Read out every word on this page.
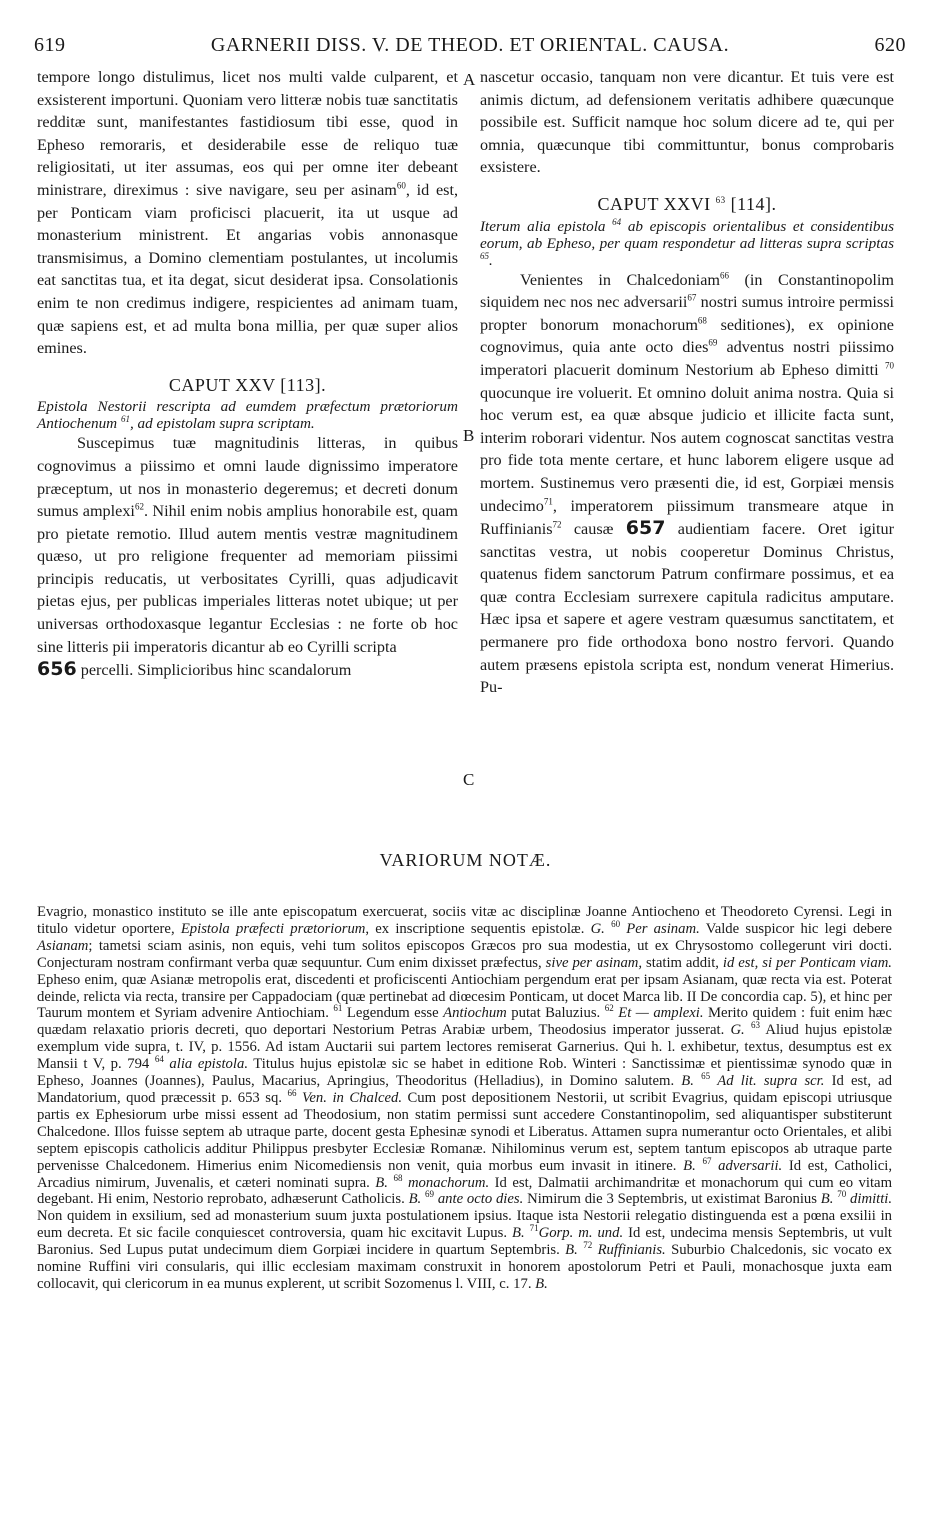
619	GARNERII DISS. V. DE THEOD. ET ORIENTAL. CAUSA.	620
A
B
C

tempore longo distulimus, licet nos multi valde culparent, et exsisterent importuni. Quoniam vero litteræ nobis tuæ sanctitatis redditæ sunt, manifestantes fastidiosum tibi esse, quod in Epheso remoraris, et desiderabile esse de reliquo tuæ religiositati, ut iter assumas, eos qui per omne iter debeant ministrare, direximus : sive navigare, seu per asinam$^{60}$, id est, per Ponticam viam proficisci placuerit, ita ut usque ad monasterium ministrent. Et angarias vobis annonasque transmisimus, a Domino clementiam postulantes, ut incolumis eat sanctitas tua, et ita degat, sicut desiderat ipsa. Consolationis enim te non credimus indigere, respicientes ad animam tuam, quæ sapiens est, et ad multa bona millia, per quæ super alios emines.

CAPUT XXV [113].

Epistola Nestorii rescripta ad eumdem præfectum prætoriorum Antiochenum $^{61}$, ad epistolam supra scriptam.

Suscepimus tuæ magnitudinis litteras, in quibus cognovimus a piissimo et omni laude dignissimo imperatore præceptum, ut nos in monasterio degeremus; et decreti donum sumus amplexi$^{62}$. Nihil enim nobis amplius honorabile est, quam pro pietate remotio. Illud autem mentis vestræ magnitudinem quæso, ut pro religione frequenter ad memoriam piissimi principis reducatis, ut verbositates Cyrilli, quas adjudicavit pietas ejus, per publicas imperiales litteras notet ubique; ut per universas orthodoxasque legantur Ecclesias : ne forte ob hoc sine litteris pii imperatoris dicantur ab eo Cyrilli scripta
656 percelli. Simplicioribus hinc scandalorum

nascetur occasio, tanquam non vere dicantur. Et tuis vere est animis dictum, ad defensionem veritatis adhibere quæcunque possibile est. Sufficit namque hoc solum dicere ad te, qui per omnia, quæcunque tibi committuntur, bonus comprobaris exsistere.

CAPUT XXVI $^{63}$ [114].

Iterum alia epistola $^{64}$ ab episcopis orientalibus et considentibus eorum, ab Epheso, per quam respondetur ad litteras supra scriptas $^{65}$.

Venientes in Chalcedoniam$^{66}$ (in Constantinopolim siquidem nec nos nec adversarii$^{67}$ nostri sumus introire permissi propter bonorum monachorum$^{68}$ seditiones), ex opinione cognovimus, quia ante octo dies$^{69}$ adventus nostri piissimo imperatori placuerit dominum Nestorium ab Epheso dimitti $^{70}$ quocunque ire voluerit. Et omnino doluit anima nostra. Quia si hoc verum est, ea quæ absque judicio et illicite facta sunt, interim roborari videntur. Nos autem cognoscat sanctitas vestra pro fide tota mente certare, et hunc laborem eligere usque ad mortem. Sustinemus vero præsenti die, id est, Gorpiæi mensis undecimo$^{71}$, imperatorem piissimum transmeare atque in Ruffinianis$^{72}$ causæ 657 audientiam facere. Oret igitur sanctitas vestra, ut nobis cooperetur Dominus Christus, quatenus fidem sanctorum Patrum confirmare possimus, et ea quæ contra Ecclesiam surrexere capitula radicitus amputare. Hæc ipsa et sapere et agere vestram quæsumus sanctitatem, et permanere pro fide orthodoxa bono nostro fervori. Quando autem præsens epistola scripta est, nondum venerat Himerius. Pu-

VARIORUM NOTÆ.

Evagrio, monastico instituto se ille ante episcopatum exercuerat, sociis vitæ ac disciplinæ Joanne Antiocheno et Theodoreto Cyrensi. Legi in titulo videtur oportere, Epistola præfecti prætoriorum, ex inscriptione sequentis epistolæ. G. $^{60}$ Per asinam. Valde suspicor hic legi debere Asianam; tametsi sciam asinis, non equis, vehi tum solitos episcopos Græcos pro sua modestia, ut ex Chrysostomo collegerunt viri docti. Conjecturam nostram confirmant verba quæ sequuntur. Cum enim dixisset præfectus, sive per asinam, statim addit, id est, si per Ponticam viam. Epheso enim, quæ Asianæ metropolis erat, discedenti et proficiscenti Antiochiam pergendum erat per ipsam Asianam, quæ recta via est. Poterat deinde, relicta via recta, transire per Cappadociam (quæ pertinebat ad diœcesim Ponticam, ut docet Marca lib. II De concordia cap. 5), et hinc per Taurum montem et Syriam advenire Antiochiam. $^{61}$ Legendum esse Antiochum putat Baluzius. $^{62}$ Et — amplexi. Merito quidem : fuit enim hæc quædam relaxatio prioris decreti, quo deportari Nestorium Petras Arabiæ urbem, Theodosius imperator jusserat. G. $^{63}$ Aliud hujus epistolæ exemplum vide supra, t. IV, p. 1556. Ad istam Auctarii sui partem lectores remiserat Garnerius. Qui h. l. exhibetur, textus, desumptus est ex Mansii t V, p. 794 $^{64}$ alia epistola. Titulus hujus epistolæ sic se habet in editione Rob. Winteri : Sanctissimæ et pientissimæ synodo quæ in Epheso, Joannes (Joannes), Paulus, Macarius, Apringius, Theodoritus (Helladius), in Domino salutem. B. $^{65}$ Ad lit. supra scr. Id est, ad Mandatorium, quod præcessit p. 653 sq. $^{66}$ Ven. in Chalced. Cum post depositionem Nestorii, ut scribit Evagrius, quidam episcopi utriusque partis ex Ephesiorum urbe missi essent ad Theodosium, non statim permissi sunt accedere Constantinopolim, sed aliquantisper substiterunt Chalcedone. Illos fuisse septem ab utraque parte, docent gesta Ephesinæ synodi et Liberatus. Attamen supra numerantur octo Orientales, et alibi septem episcopis catholicis additur Philippus presbyter Ecclesiæ Romanæ. Nihilominus verum est, septem tantum episcopos ab utraque parte pervenisse Chalcedonem. Himerius enim Nicomediensis non venit, quia morbus eum invasit in itinere. B. $^{67}$ adversarii. Id est, Catholici, Arcadius nimirum, Juvenalis, et cæteri nominati supra. B. $^{68}$ monachorum. Id est, Dalmatii archimandritæ et monachorum qui cum eo vitam degebant. Hi enim, Nestorio reprobato, adhæserunt Catholicis. B. $^{69}$ ante octo dies. Nimirum die 3 Septembris, ut existimat Baronius B. $^{70}$ dimitti. Non quidem in exsilium, sed ad monasterium suum juxta postulationem ipsius. Itaque ista Nestorii relegatio distinguenda est a pœna exsilii in eum decreta. Et sic facile conquiescet controversia, quam hic excitavit Lupus. B. $^{71}$Gorp. m. und. Id est, undecima mensis Septembris, ut vult Baronius. Sed Lupus putat undecimum diem Gorpiæi incidere in quartum Septembris. B. $^{72}$ Ruffinianis. Suburbio Chalcedonis, sic vocato ex nomine Ruffini viri consularis, qui illic ecclesiam maximam construxit in honorem apostolorum Petri et Pauli, monachosque juxta eam collocavit, qui clericorum in ea munus explerent, ut scribit Sozomenus l. VIII, c. 17. B.
